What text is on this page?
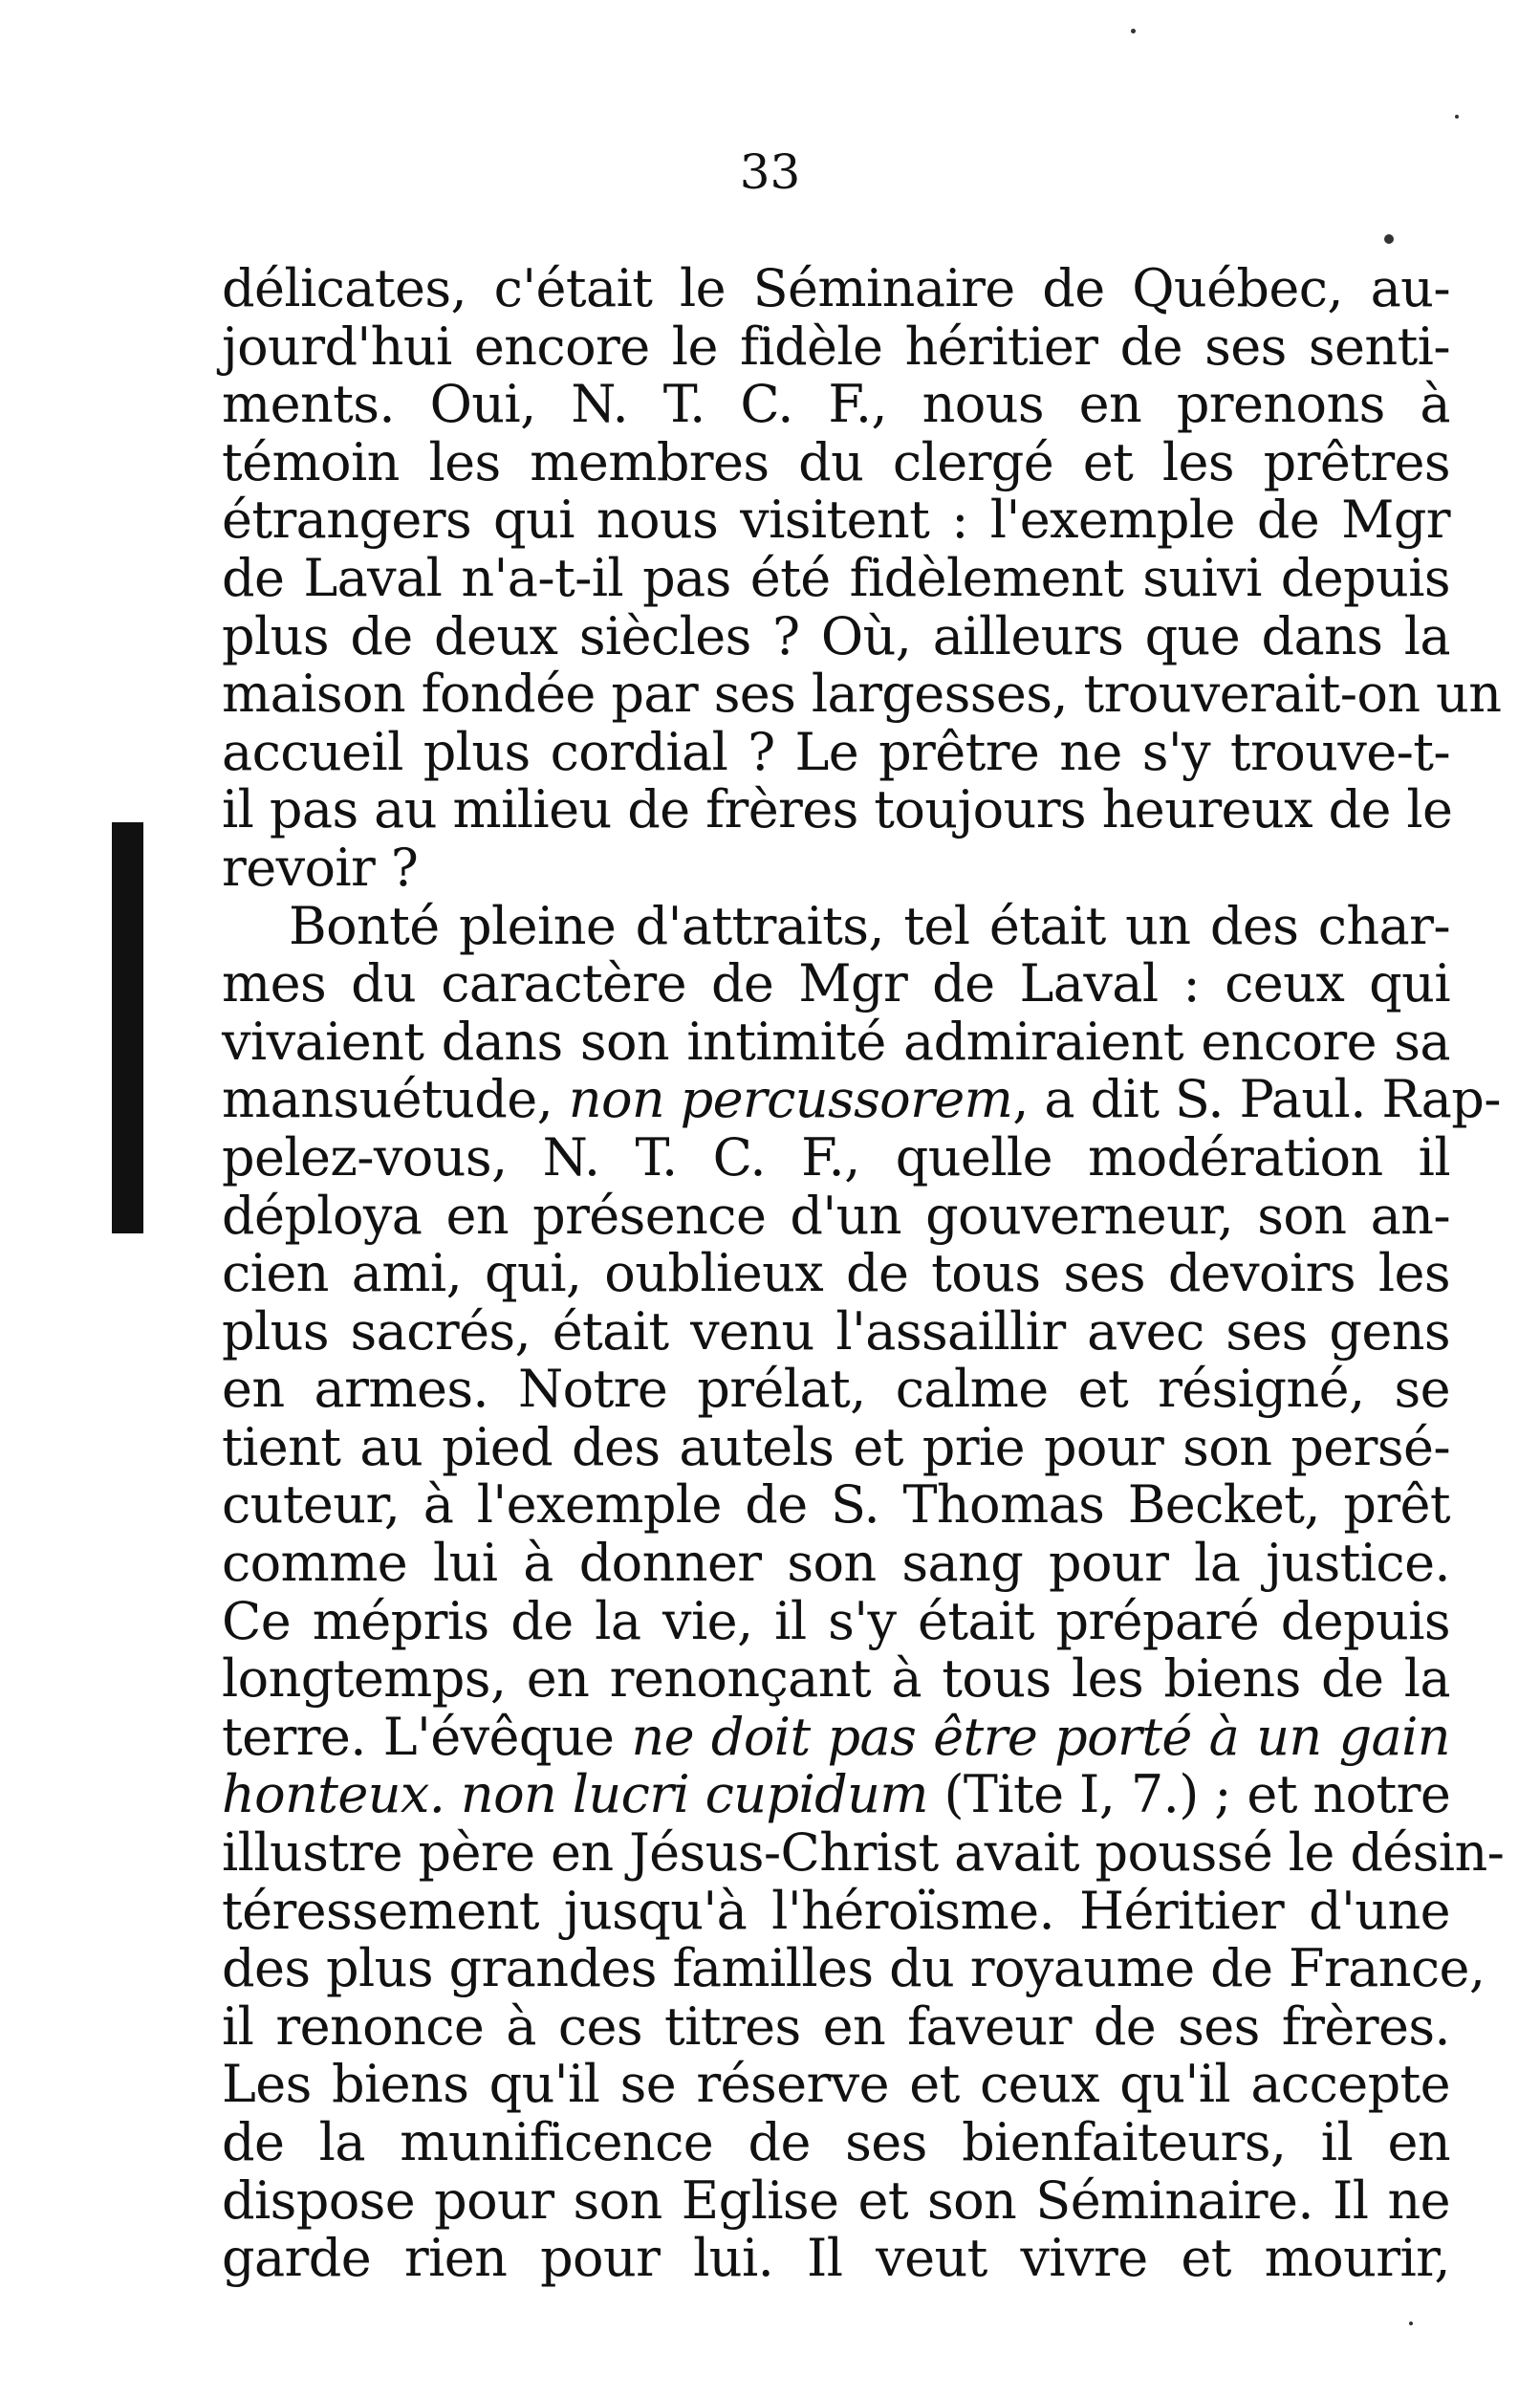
33
délicates, c'était le Séminaire de Québec, au-
jourd'hui encore le fidèle héritier de ses senti-
ments. Oui, N. T. C. F., nous en prenons à
témoin les membres du clergé et les prêtres
étrangers qui nous visitent : l'exemple de Mgr
de Laval n'a-t-il pas été fidèlement suivi depuis
plus de deux siècles ? Où, ailleurs que dans la
maison fondée par ses largesses, trouverait-on un
accueil plus cordial ? Le prêtre ne s'y trouve-t-
il pas au milieu de frères toujours heureux de le
revoir ?
Bonté pleine d'attraits, tel était un des char-
mes du caractère de Mgr de Laval : ceux qui
vivaient dans son intimité admiraient encore sa
mansuétude, non percussorem, a dit S. Paul. Rap-
pelez-vous, N. T. C. F., quelle modération il
déploya en présence d'un gouverneur, son an-
cien ami, qui, oublieux de tous ses devoirs les
plus sacrés, était venu l'assaillir avec ses gens
en armes. Notre prélat, calme et résigné, se
tient au pied des autels et prie pour son persé-
cuteur, à l'exemple de S. Thomas Becket, prêt
comme lui à donner son sang pour la justice.
Ce mépris de la vie, il s'y était préparé depuis
longtemps, en renonçant à tous les biens de la
terre. L'évêque ne doit pas être porté à un gain
honteux. non lucri cupidum (Tite I, 7.) ; et notre
illustre père en Jésus-Christ avait poussé le désin-
téressement jusqu'à l'héroïsme. Héritier d'une
des plus grandes familles du royaume de France,
il renonce à ces titres en faveur de ses frères.
Les biens qu'il se réserve et ceux qu'il accepte
de la munificence de ses bienfaiteurs, il en
dispose pour son Eglise et son Séminaire. Il ne
garde rien pour lui. Il veut vivre et mourir,
